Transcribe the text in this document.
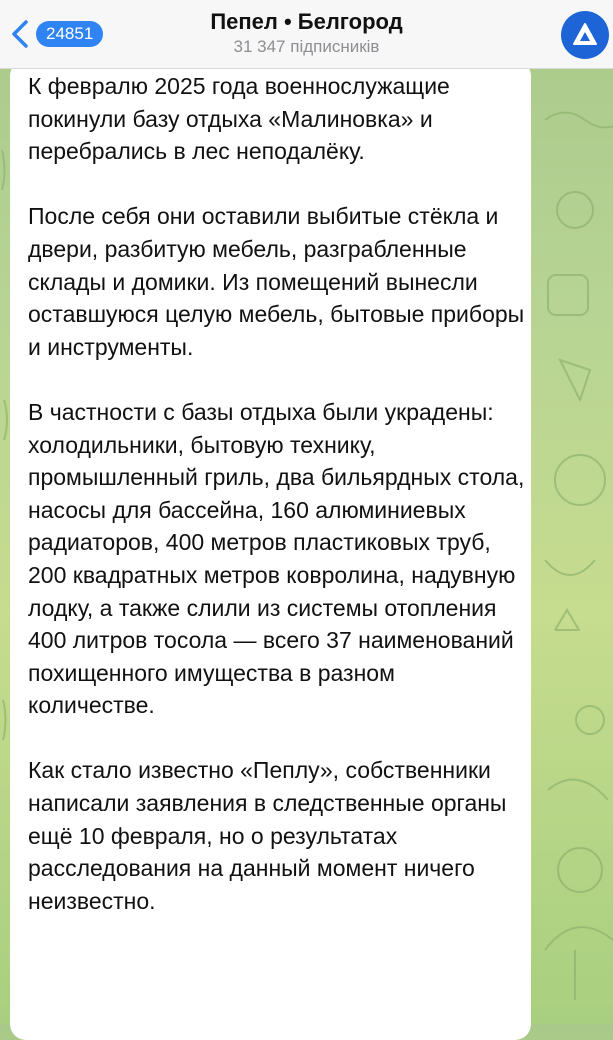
24851	Пепел • Белгород
31 347 підписників

К февралю 2025 года военнослужащие покинули базу отдыха «Малиновка» и перебрались в лес неподалёку.

После себя они оставили выбитые стёкла и двери, разбитую мебель, разграбленные склады и домики. Из помещений вынесли оставшуюся целую мебель, бытовые приборы и инструменты.

В частности с базы отдыха были украдены: холодильники, бытовую технику, промышленный гриль, два бильярдных стола, насосы для бассейна, 160 алюминиевых радиаторов, 400 метров пластиковых труб, 200 квадратных метров ковролина, надувную лодку, а также слили из системы отопления 400 литров тосола — всего 37 наименований похищенного имущества в разном количестве.

Как стало известно «Пеплу», собственники написали заявления в следственные органы ещё 10 февраля, но о результатах расследования на данный момент ничего неизвестно.
